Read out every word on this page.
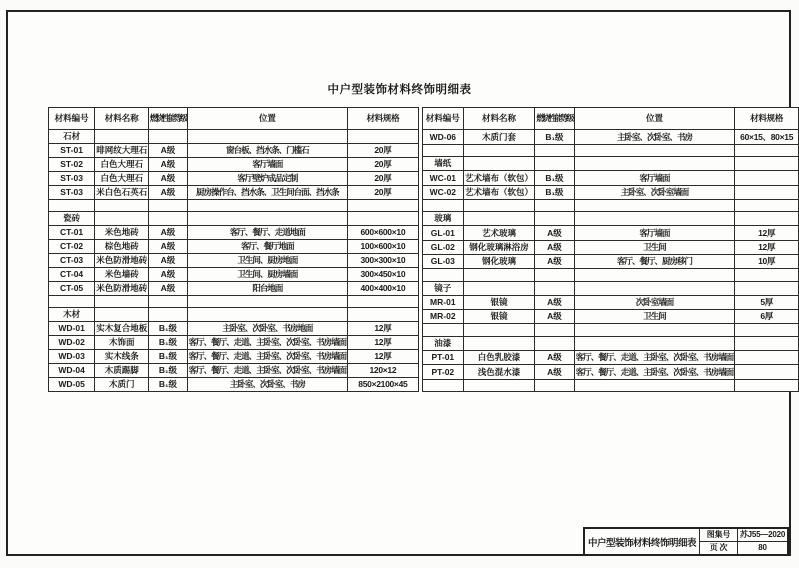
中户型装饰材料终饰明细表
材料编号	材料名称	燃烧性能等级	位置	材料规格
石材				
ST-01	啡网纹大理石	A级	窗台板、挡水条、门槛石	20厚
ST-02	白色大理石	A级	客厅墙面	20厚
ST-03	白色大理石	A级	客厅壁炉成品定制	20厚
ST-03	米白色石英石	A级	厨房操作台、挡水条、卫生间台面、挡水条	20厚

瓷砖				
CT-01	米色地砖	A级	客厅、餐厅、走道地面	600×600×10
CT-02	棕色地砖	A级	客厅、餐厅地面	100×600×10
CT-03	米色防滑地砖	A级	卫生间、厨房地面	300×300×10
CT-04	米色墙砖	A级	卫生间、厨房墙面	300×450×10
CT-05	米色防滑地砖	A级	阳台地面	400×400×10

木材				
WD-01	实木复合地板	B₁级	主卧室、次卧室、书房地面	12厚
WD-02	木饰面	B₁级	客厅、餐厅、走道、主卧室、次卧室、书房墙面	12厚
WD-03	实木线条	B₁级	客厅、餐厅、走道、主卧室、次卧室、书房墙面	12厚
WD-04	木质踢脚	B₁级	客厅、餐厅、走道、主卧室、次卧室、书房墙面	120×12
WD-05	木质门	B₁级	主卧室、次卧室、书房	850×2100×45
材料编号	材料名称	燃烧性能等级	位置	材料规格
WD-06	木质门套	B₁级	主卧室、次卧室、书房	60×15、80×15

墙纸				
WC-01	艺术墙布（软包）	B₁级	客厅墙面	
WC-02	艺术墙布（软包）	B₁级	主卧室、次卧室墙面	

玻璃				
GL-01	艺术玻璃	A级	客厅墙面	12厚
GL-02	钢化玻璃淋浴房	A级	卫生间	12厚
GL-03	钢化玻璃	A级	客厅、餐厅、厨房移门	10厚

镜子				
MR-01	银镜	A级	次卧室墙面	5厚
MR-02	银镜	A级	卫生间	6厚

油漆				
PT-01	白色乳胶漆	A级	客厅、餐厅、走道、主卧室、次卧室、书房墙面	
PT-02	浅色混水漆	A级	客厅、餐厅、走道、主卧室、次卧室、书房墙面	

中户型装饰材料终饰明细表
图集号	苏J55—2020
页 次	80
